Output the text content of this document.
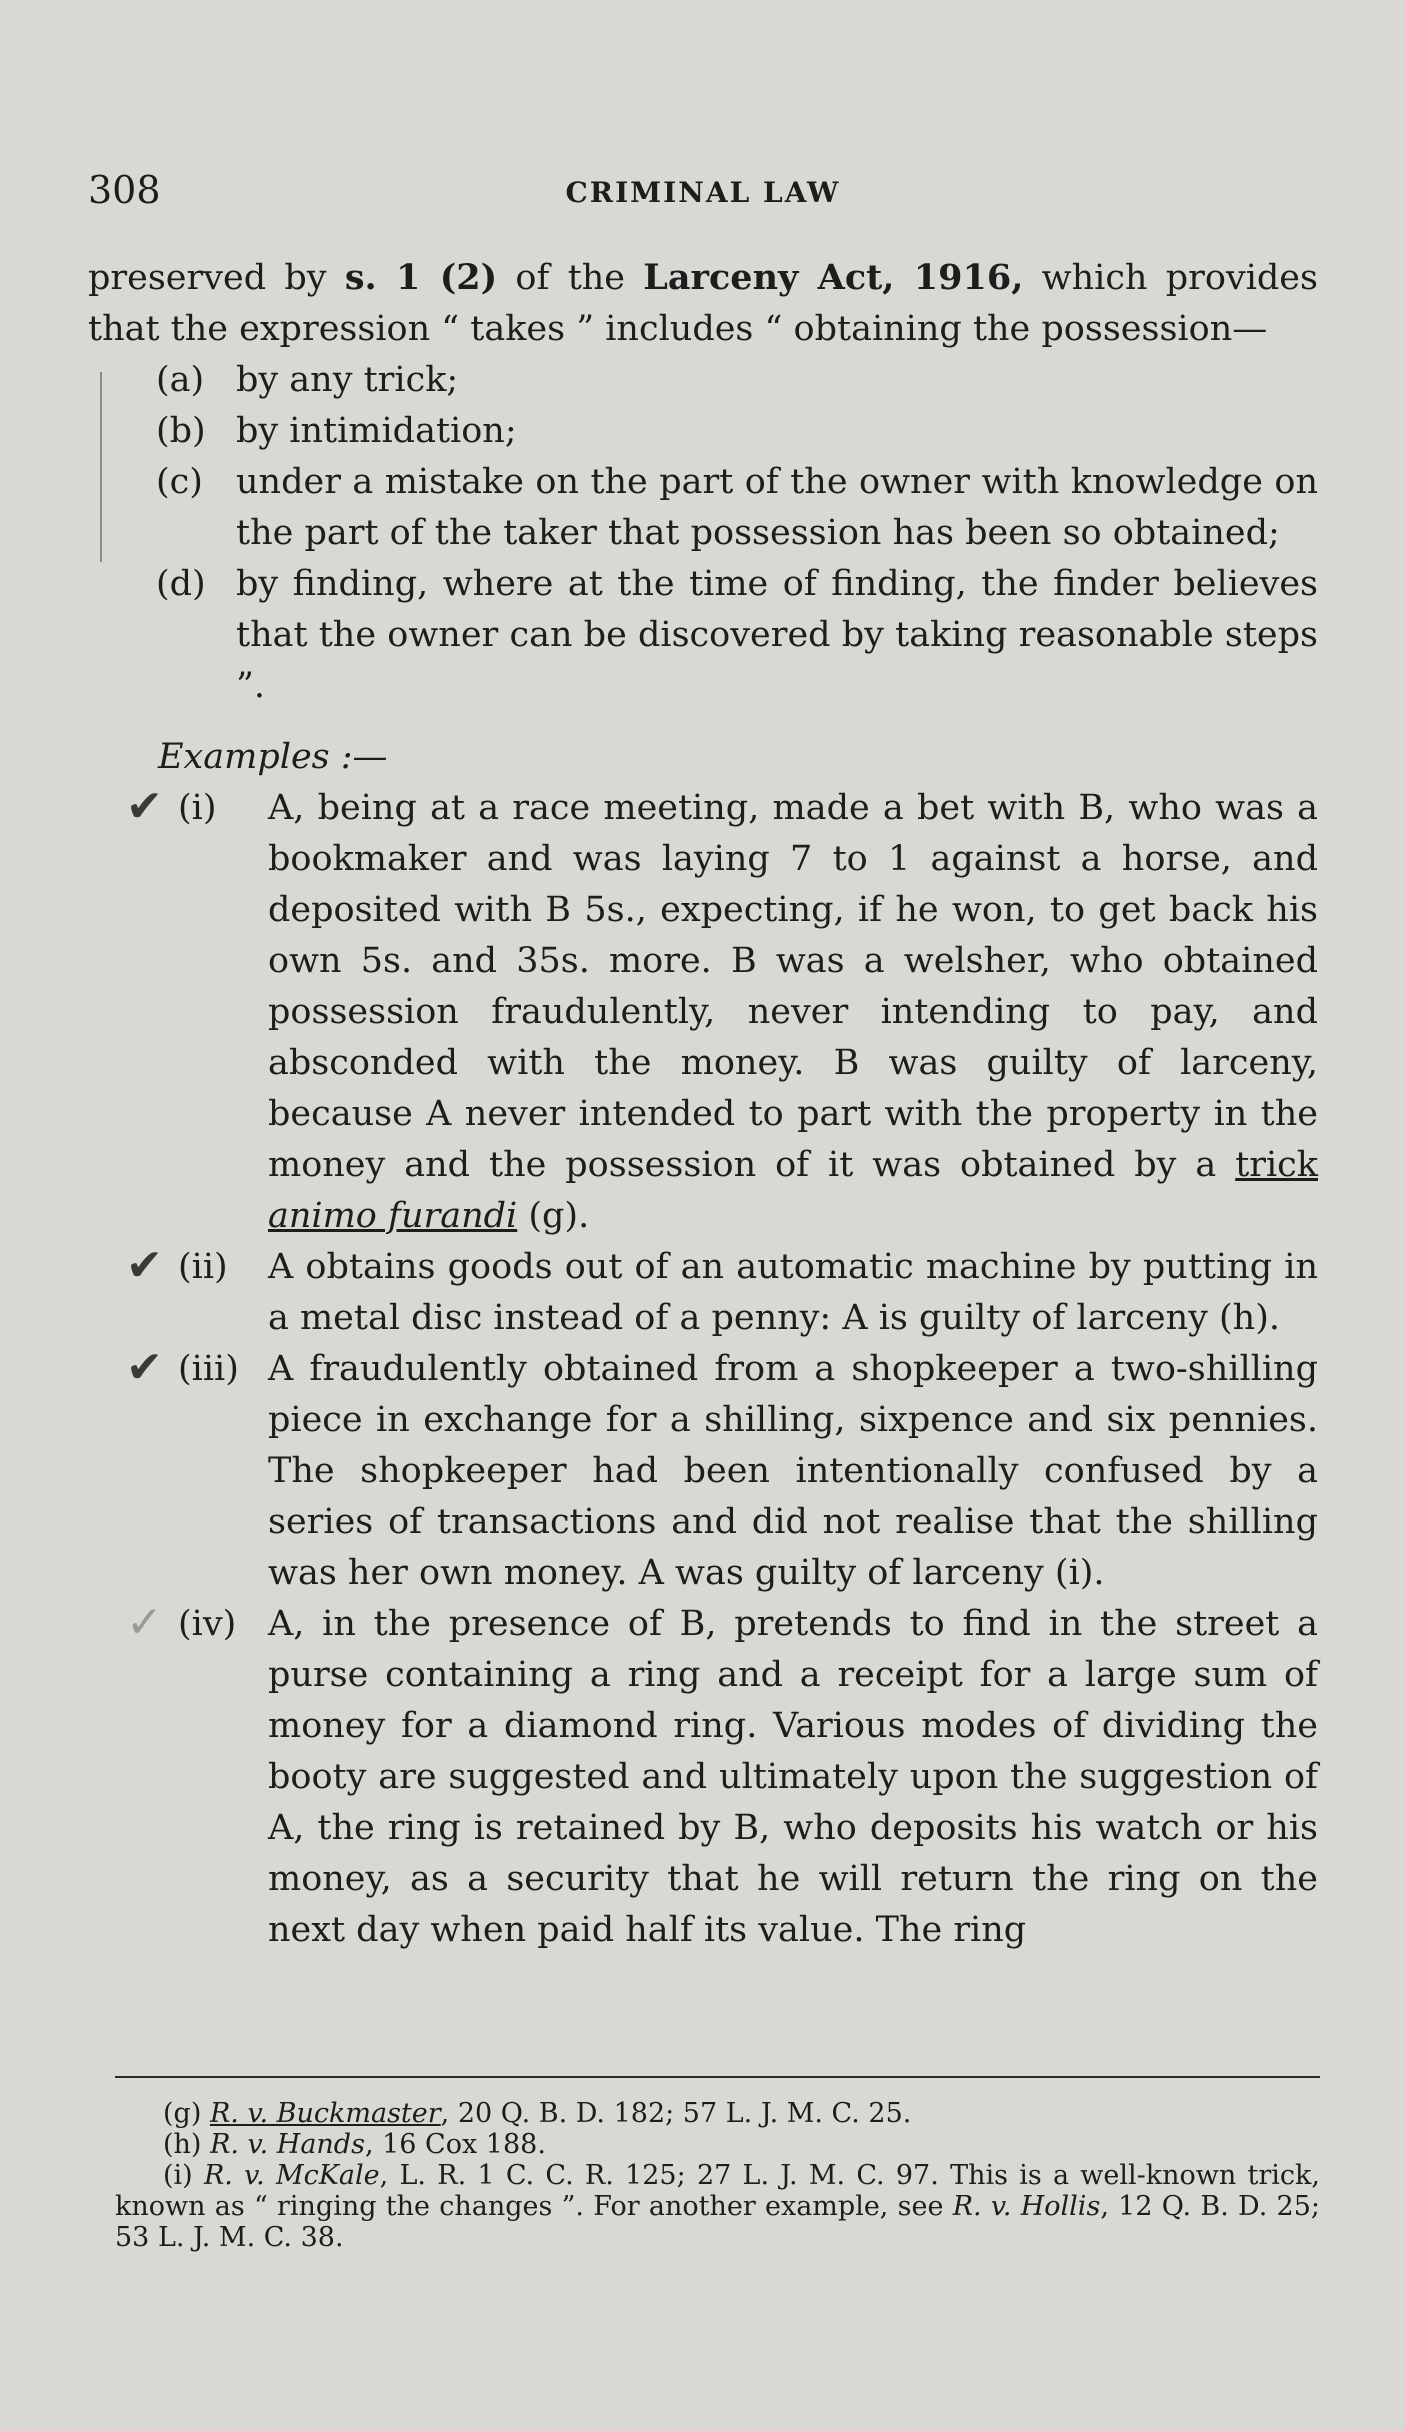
308	CRIMINAL LAW

preserved by s. 1 (2) of the Larceny Act, 1916, which provides that the expression “ takes ” includes “ obtaining the possession—

(a) by any trick;
(b) by intimidation;
(c) under a mistake on the part of the owner with knowledge on the part of the taker that possession has been so obtained;
(d) by finding, where at the time of finding, the finder believes that the owner can be discovered by taking reasonable steps ”.

Examples :—

✔ (i) A, being at a race meeting, made a bet with B, who was a bookmaker and was laying 7 to 1 against a horse, and deposited with B 5s., expecting, if he won, to get back his own 5s. and 35s. more. B was a welsher, who obtained possession fraudulently, never intending to pay, and absconded with the money. B was guilty of larceny, because A never intended to part with the property in the money and the possession of it was obtained by a trick animo furandi (g).

✔ (ii) A obtains goods out of an automatic machine by putting in a metal disc instead of a penny: A is guilty of larceny (h).

✔ (iii) A fraudulently obtained from a shopkeeper a two-shilling piece in exchange for a shilling, sixpence and six pennies. The shopkeeper had been intentionally confused by a series of transactions and did not realise that the shilling was her own money. A was guilty of larceny (i).

✓ (iv) A, in the presence of B, pretends to find in the street a purse containing a ring and a receipt for a large sum of money for a diamond ring. Various modes of dividing the booty are suggested and ultimately upon the suggestion of A, the ring is retained by B, who deposits his watch or his money, as a security that he will return the ring on the next day when paid half its value. The ring

(g) R. v. Buckmaster, 20 Q. B. D. 182; 57 L. J. M. C. 25.

(h) R. v. Hands, 16 Cox 188.

(i) R. v. McKale, L. R. 1 C. C. R. 125; 27 L. J. M. C. 97. This is a well-known trick, known as “ ringing the changes ”. For another example, see R. v. Hollis, 12 Q. B. D. 25; 53 L. J. M. C. 38.
